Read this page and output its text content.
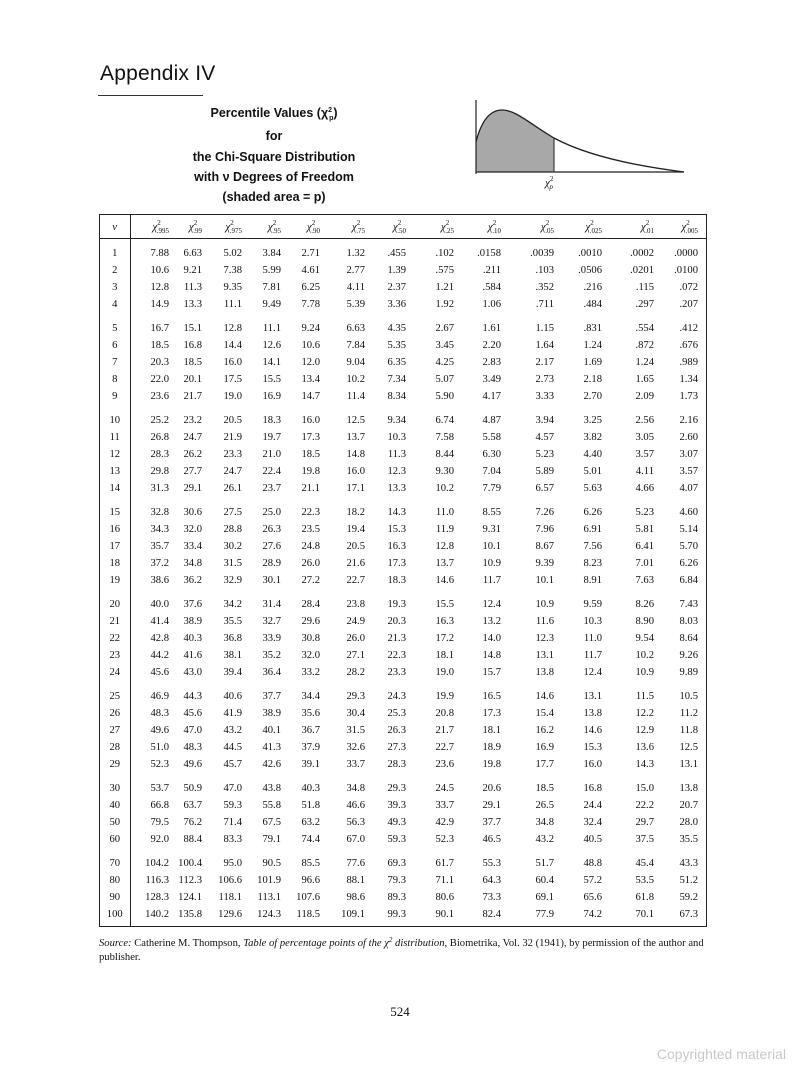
Appendix IV
Percentile Values $(\chi^2_p)$
for
the Chi-Square Distribution
with ν Degrees of Freedom
(shaded area = p)
$\chi^2_p$
ν	$\chi^2_{.995}$	$\chi^2_{.99}$	$\chi^2_{.975}$	$\chi^2_{.95}$	$\chi^2_{.90}$	$\chi^2_{.75}$	$\chi^2_{.50}$	$\chi^2_{.25}$	$\chi^2_{.10}$	$\chi^2_{.05}$	$\chi^2_{.025}$	$\chi^2_{.01}$	$\chi^2_{.005}$
1	7.88	6.63	5.02	3.84	2.71	1.32	.455	.102	.0158	.0039	.0010	.0002	.0000
2	10.6	9.21	7.38	5.99	4.61	2.77	1.39	.575	.211	.103	.0506	.0201	.0100
3	12.8	11.3	9.35	7.81	6.25	4.11	2.37	1.21	.584	.352	.216	.115	.072
4	14.9	13.3	11.1	9.49	7.78	5.39	3.36	1.92	1.06	.711	.484	.297	.207
5	16.7	15.1	12.8	11.1	9.24	6.63	4.35	2.67	1.61	1.15	.831	.554	.412
6	18.5	16.8	14.4	12.6	10.6	7.84	5.35	3.45	2.20	1.64	1.24	.872	.676
7	20.3	18.5	16.0	14.1	12.0	9.04	6.35	4.25	2.83	2.17	1.69	1.24	.989
8	22.0	20.1	17.5	15.5	13.4	10.2	7.34	5.07	3.49	2.73	2.18	1.65	1.34
9	23.6	21.7	19.0	16.9	14.7	11.4	8.34	5.90	4.17	3.33	2.70	2.09	1.73
10	25.2	23.2	20.5	18.3	16.0	12.5	9.34	6.74	4.87	3.94	3.25	2.56	2.16
11	26.8	24.7	21.9	19.7	17.3	13.7	10.3	7.58	5.58	4.57	3.82	3.05	2.60
12	28.3	26.2	23.3	21.0	18.5	14.8	11.3	8.44	6.30	5.23	4.40	3.57	3.07
13	29.8	27.7	24.7	22.4	19.8	16.0	12.3	9.30	7.04	5.89	5.01	4.11	3.57
14	31.3	29.1	26.1	23.7	21.1	17.1	13.3	10.2	7.79	6.57	5.63	4.66	4.07
15	32.8	30.6	27.5	25.0	22.3	18.2	14.3	11.0	8.55	7.26	6.26	5.23	4.60
16	34.3	32.0	28.8	26.3	23.5	19.4	15.3	11.9	9.31	7.96	6.91	5.81	5.14
17	35.7	33.4	30.2	27.6	24.8	20.5	16.3	12.8	10.1	8.67	7.56	6.41	5.70
18	37.2	34.8	31.5	28.9	26.0	21.6	17.3	13.7	10.9	9.39	8.23	7.01	6.26
19	38.6	36.2	32.9	30.1	27.2	22.7	18.3	14.6	11.7	10.1	8.91	7.63	6.84
20	40.0	37.6	34.2	31.4	28.4	23.8	19.3	15.5	12.4	10.9	9.59	8.26	7.43
21	41.4	38.9	35.5	32.7	29.6	24.9	20.3	16.3	13.2	11.6	10.3	8.90	8.03
22	42.8	40.3	36.8	33.9	30.8	26.0	21.3	17.2	14.0	12.3	11.0	9.54	8.64
23	44.2	41.6	38.1	35.2	32.0	27.1	22.3	18.1	14.8	13.1	11.7	10.2	9.26
24	45.6	43.0	39.4	36.4	33.2	28.2	23.3	19.0	15.7	13.8	12.4	10.9	9.89
25	46.9	44.3	40.6	37.7	34.4	29.3	24.3	19.9	16.5	14.6	13.1	11.5	10.5
26	48.3	45.6	41.9	38.9	35.6	30.4	25.3	20.8	17.3	15.4	13.8	12.2	11.2
27	49.6	47.0	43.2	40.1	36.7	31.5	26.3	21.7	18.1	16.2	14.6	12.9	11.8
28	51.0	48.3	44.5	41.3	37.9	32.6	27.3	22.7	18.9	16.9	15.3	13.6	12.5
29	52.3	49.6	45.7	42.6	39.1	33.7	28.3	23.6	19.8	17.7	16.0	14.3	13.1
30	53.7	50.9	47.0	43.8	40.3	34.8	29.3	24.5	20.6	18.5	16.8	15.0	13.8
40	66.8	63.7	59.3	55.8	51.8	46.6	39.3	33.7	29.1	26.5	24.4	22.2	20.7
50	79.5	76.2	71.4	67.5	63.2	56.3	49.3	42.9	37.7	34.8	32.4	29.7	28.0
60	92.0	88.4	83.3	79.1	74.4	67.0	59.3	52.3	46.5	43.2	40.5	37.5	35.5
70	104.2	100.4	95.0	90.5	85.5	77.6	69.3	61.7	55.3	51.7	48.8	45.4	43.3
80	116.3	112.3	106.6	101.9	96.6	88.1	79.3	71.1	64.3	60.4	57.2	53.5	51.2
90	128.3	124.1	118.1	113.1	107.6	98.6	89.3	80.6	73.3	69.1	65.6	61.8	59.2
100	140.2	135.8	129.6	124.3	118.5	109.1	99.3	90.1	82.4	77.9	74.2	70.1	67.3
Source: Catherine M. Thompson, Table of percentage points of the $\chi^2$ distribution, Biometrika, Vol. 32 (1941), by permission of the author and publisher.
524
Copyrighted material
